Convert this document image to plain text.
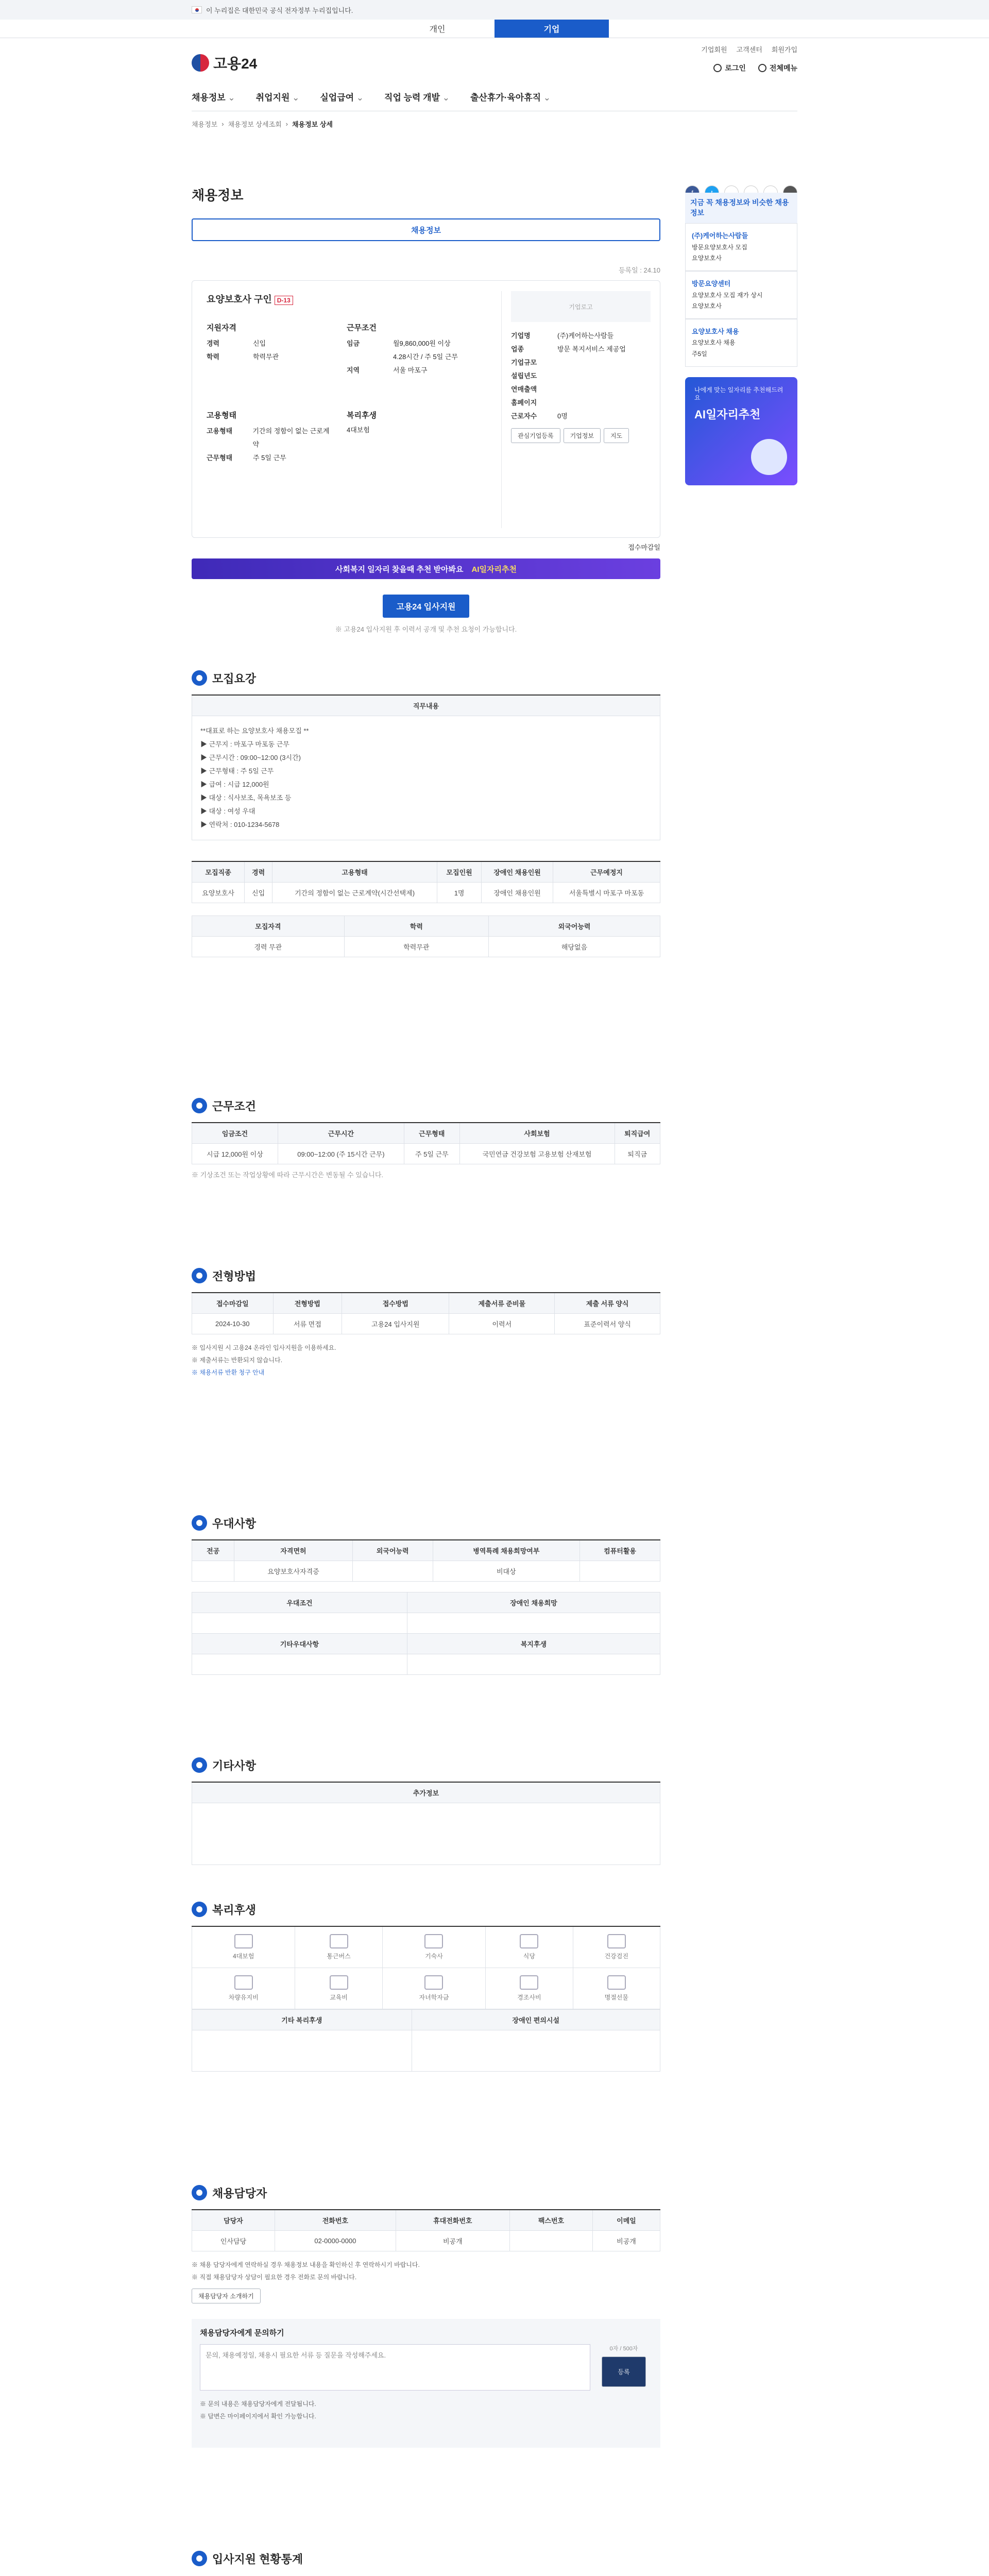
이 누리집은 대한민국 공식 전자정부 누리집입니다.
개인	기업
고용24
기업회원 고객센터 회원가입
로그인	전체메뉴
채용정보 ⌄	취업지원 ⌄	실업급여 ⌄	직업 능력 개발 ⌄	출산휴가·육아휴직 ⌄
채용정보 › 채용정보 상세조회 › 채용정보 상세
채용정보
채용정보
등록일 : 24.10
요양보호사 구인 D-13
지원자격
경력	신입
학력	학력무관
근무조건
임금	월9,860,000원 이상
4.28시간 / 주 5일 근무
지역	서울 마포구
고용형태
고용형태	기간의 정함이 없는 근로계약
근무형태	주 5일 근무
복리후생
4대보험
기업로고
기업명	(주)케어하는사람들
업종	방문 복지서비스 제공업
기업규모
설립년도
연매출액
홈페이지
근로자수	0명
관심기업등록	기업정보	지도
접수마감일
사회복지 일자리 찾을때 추천 받아봐요 AI일자리추천
고용24 입사지원
※ 고용24 입사지원 후 이력서 공개 및 추천 요청이 가능합니다.
지금 꼭 채용정보와 비슷한 채용정보
(주)케어하는사람들
방문요양보호사 모집
요양보호사
방문요양센터
요양보호사 모집 재가 상시
요양보호사
요양보호사 채용
요양보호사 채용
주5일
나에게 맞는 일자리를 추천해드려요
AI일자리추천
모집요강
직무내용

**대표로 하는 요양보호사 채용모집 **
▶ 근무지 : 마포구 마포동 근무
▶ 근무시간 : 09:00~12:00 (3시간)
▶ 근무형태 : 주 5일 근무
▶ 급여 : 시급 12,000원
▶ 대상 : 식사보조, 목욕보조 등
▶ 대상 : 여성 우대
▶ 연락처 : 010-1234-5678
모집직종	경력	고용형태	모집인원	장애인 채용인원	근무예정지
요양보호사	신입	기간의 정함이 없는 근로계약(시간선택제)	1명	장애인 채용인원	서울특별시 마포구 마포동
모집자격	학력	외국어능력
경력 무관	학력무관	해당없음
근무조건
임금조건	근무시간	근무형태	사회보험	퇴직급여
시급 12,000원 이상	09:00~12:00 (주 15시간 근무)	주 5일 근무	국민연금 건강보험 고용보험 산재보험	퇴직금
※ 기상조건 또는 작업상황에 따라 근무시간은 변동될 수 있습니다.
전형방법
접수마감일	전형방법	접수방법	제출서류 준비물	제출 서류 양식
2024-10-30	서류 면접	고용24 입사지원	이력서	표준이력서 양식
※ 입사지원 시 고용24 온라인 입사지원을 이용하세요.
※ 제출서류는 반환되지 않습니다.
※ 채용서류 반환 청구 안내
우대사항
전공	자격면허	외국어능력	병역특례 채용희망여부	컴퓨터활용
	요양보호사자격증		비대상	
우대조건	장애인 채용희망

기타우대사항	복지후생

기타사항
추가정보

복리후생
4대보험	통근버스	기숙사	식당	건강검진

차량유지비	교육비	자녀학자금	경조사비	명절선물
기타 복리후생	장애인 편의시설

채용담당자
담당자	전화번호	휴대전화번호	팩스번호	이메일
인사담당	02-0000-0000	비공개		비공개
※ 채용 담당자에게 연락하실 경우 채용정보 내용을 확인하신 후 연락하시기 바랍니다.
※ 직접 채용담당자 상담이 필요한 경우 전화로 문의 바랍니다.
채용담당자 소개하기
채용담당자에게 문의하기
문의, 채용예정일, 채용시 필요한 서류 등 질문을 작성해주세요.
0자 / 500자
등록
※ 문의 내용은 채용담당자에게 전달됩니다.
※ 답변은 마이페이지에서 확인 가능합니다.
입사지원 현황통계
